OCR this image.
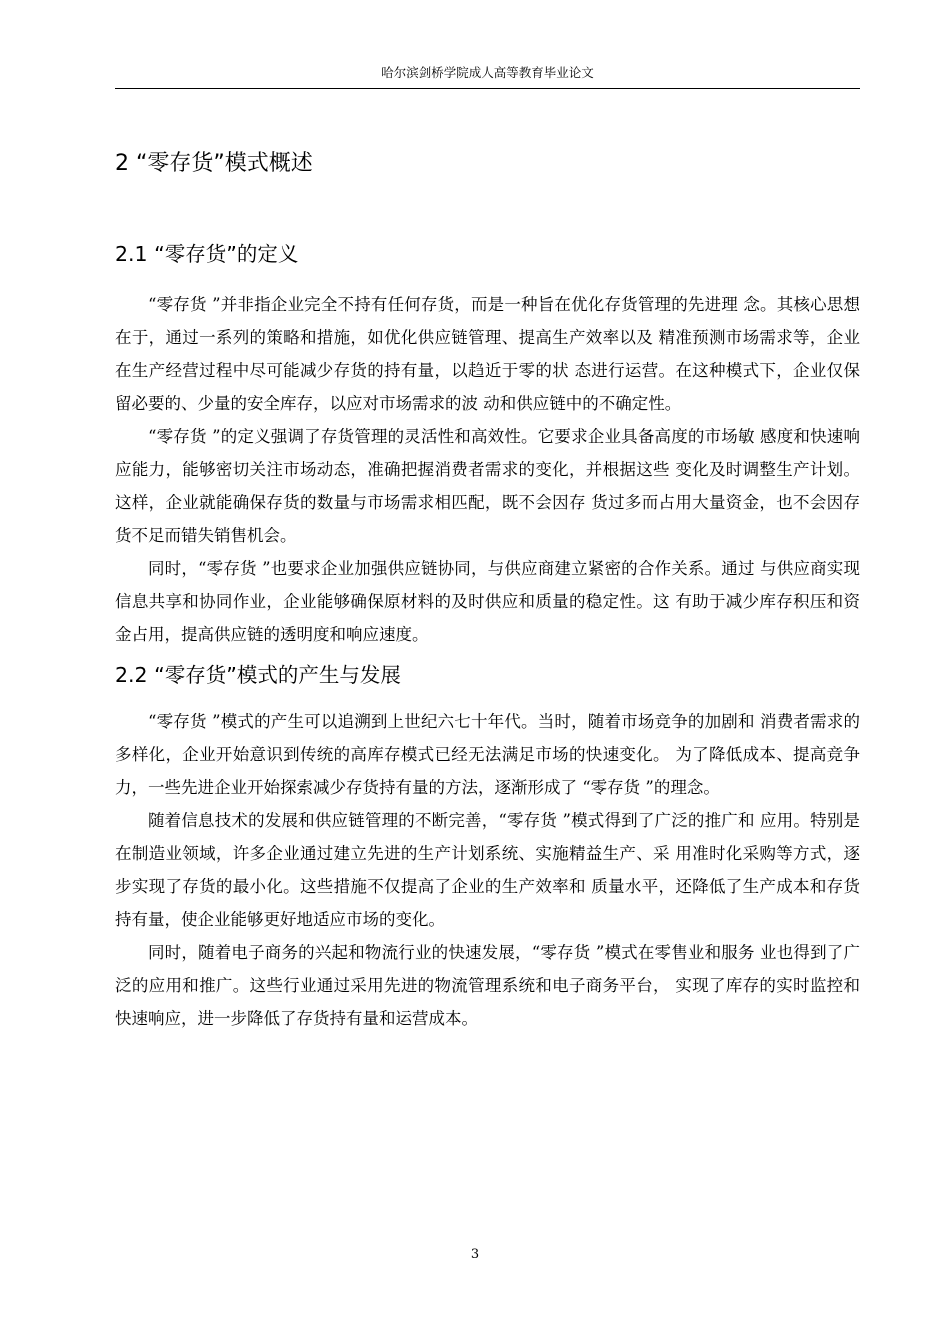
哈尔滨剑桥学院成人高等教育毕业论文
2 “零存货”模式概述
2.1 “零存货”的定义

“零存货 ”并非指企业完全不持有任何存货，而是一种旨在优化存货管理的先进理 念。其核心思想在于，通过一系列的策略和措施，如优化供应链管理、提高生产效率以及 精准预测市场需求等，企业在生产经营过程中尽可能减少存货的持有量，以趋近于零的状 态进行运营。在这种模式下，企业仅保留必要的、少量的安全库存，以应对市场需求的波 动和供应链中的不确定性。

“零存货 ”的定义强调了存货管理的灵活性和高效性。它要求企业具备高度的市场敏 感度和快速响应能力，能够密切关注市场动态，准确把握消费者需求的变化，并根据这些 变化及时调整生产计划。这样，企业就能确保存货的数量与市场需求相匹配，既不会因存 货过多而占用大量资金，也不会因存货不足而错失销售机会。

同时，“零存货 ”也要求企业加强供应链协同，与供应商建立紧密的合作关系。通过 与供应商实现信息共享和协同作业，企业能够确保原材料的及时供应和质量的稳定性。这 有助于减少库存积压和资金占用，提高供应链的透明度和响应速度。

2.2 “零存货”模式的产生与发展

“零存货 ”模式的产生可以追溯到上世纪六七十年代。当时，随着市场竞争的加剧和 消费者需求的多样化，企业开始意识到传统的高库存模式已经无法满足市场的快速变化。 为了降低成本、提高竞争力，一些先进企业开始探索减少存货持有量的方法，逐渐形成了 “零存货 ”的理念。

随着信息技术的发展和供应链管理的不断完善，“零存货 ”模式得到了广泛的推广和 应用。特别是在制造业领域，许多企业通过建立先进的生产计划系统、实施精益生产、采 用准时化采购等方式，逐步实现了存货的最小化。这些措施不仅提高了企业的生产效率和 质量水平，还降低了生产成本和存货持有量，使企业能够更好地适应市场的变化。

同时，随着电子商务的兴起和物流行业的快速发展，“零存货 ”模式在零售业和服务 业也得到了广泛的应用和推广。这些行业通过采用先进的物流管理系统和电子商务平台， 实现了库存的实时监控和快速响应，进一步降低了存货持有量和运营成本。

3
